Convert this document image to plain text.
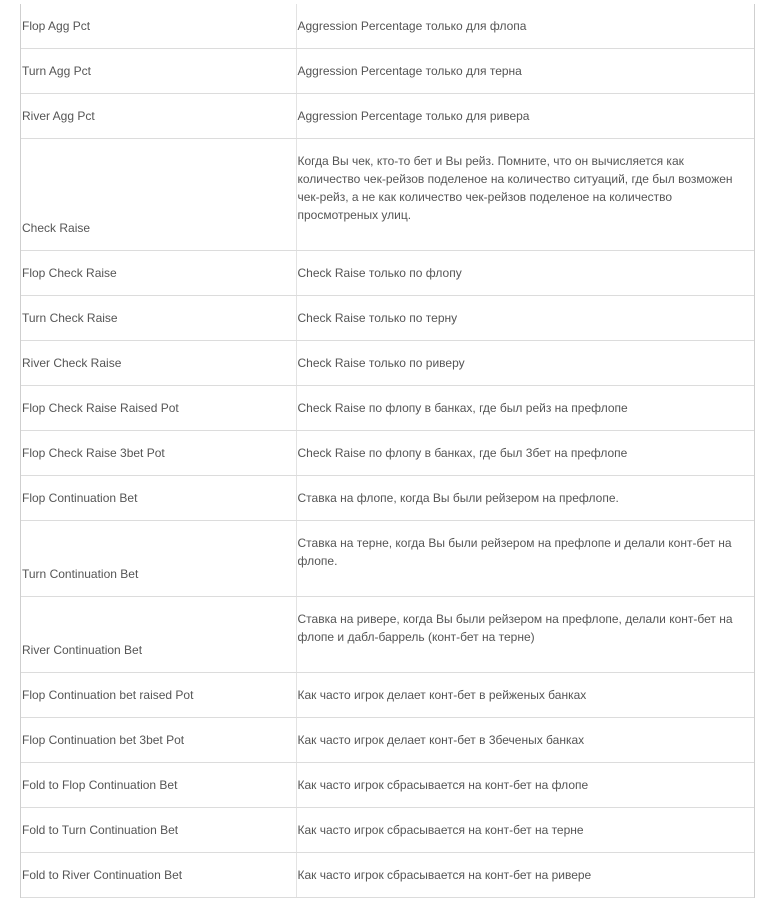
Flop Agg Pct	Aggression Percentage только для флопа
Turn Agg Pct	Aggression Percentage только для терна
River Agg Pct	Aggression Percentage только для ривера
Check Raise	Когда Вы чек, кто-то бет и Вы рейз. Помните, что он вычисляется как количество чек-рейзов поделеное на количество ситуаций, где был возможен чек-рейз, а не как количество чек-рейзов поделеное на количество просмотреных улиц.
Flop Check Raise	Check Raise только по флопу
Turn Check Raise	Check Raise только по терну
River Check Raise	Check Raise только по риверу
Flop Check Raise Raised Pot	Check Raise по флопу в банках, где был рейз на префлопе
Flop Check Raise 3bet Pot	Check Raise по флопу в банках, где был 3бет на префлопе
Flop Continuation Bet	Ставка на флопе, когда Вы были рейзером на префлопе.
Turn Continuation Bet	Ставка на терне, когда Вы были рейзером на префлопе и делали конт-бет на флопе.
River Continuation Bet	Ставка на ривере, когда Вы были рейзером на префлопе, делали конт-бет на флопе и дабл-баррель (конт-бет на терне)
Flop Continuation bet raised Pot	Как часто игрок делает конт-бет в рейженых банках
Flop Continuation bet 3bet Pot	Как часто игрок делает конт-бет в 3беченых банках
Fold to Flop Continuation Bet	Как часто игрок сбрасывается на конт-бет на флопе
Fold to Turn Continuation Bet	Как часто игрок сбрасывается на конт-бет на терне
Fold to River Continuation Bet	Как часто игрок сбрасывается на конт-бет на ривере
